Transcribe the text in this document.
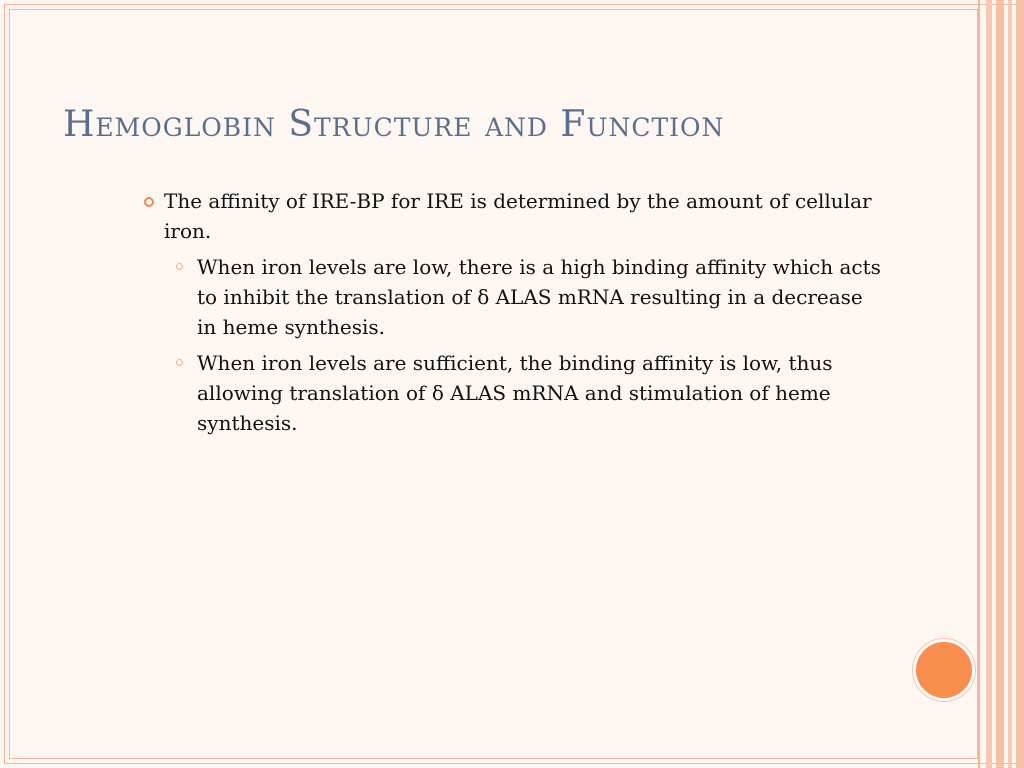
Hemoglobin Structure and Function
The affinity of IRE-BP for IRE is determined by the amount of cellular iron.
When iron levels are low, there is a high binding affinity which acts to inhibit the translation of δ ALAS mRNA resulting in a decrease in heme synthesis.
When iron levels are sufficient, the binding affinity is low, thus allowing translation of δ ALAS mRNA and stimulation of heme synthesis.
